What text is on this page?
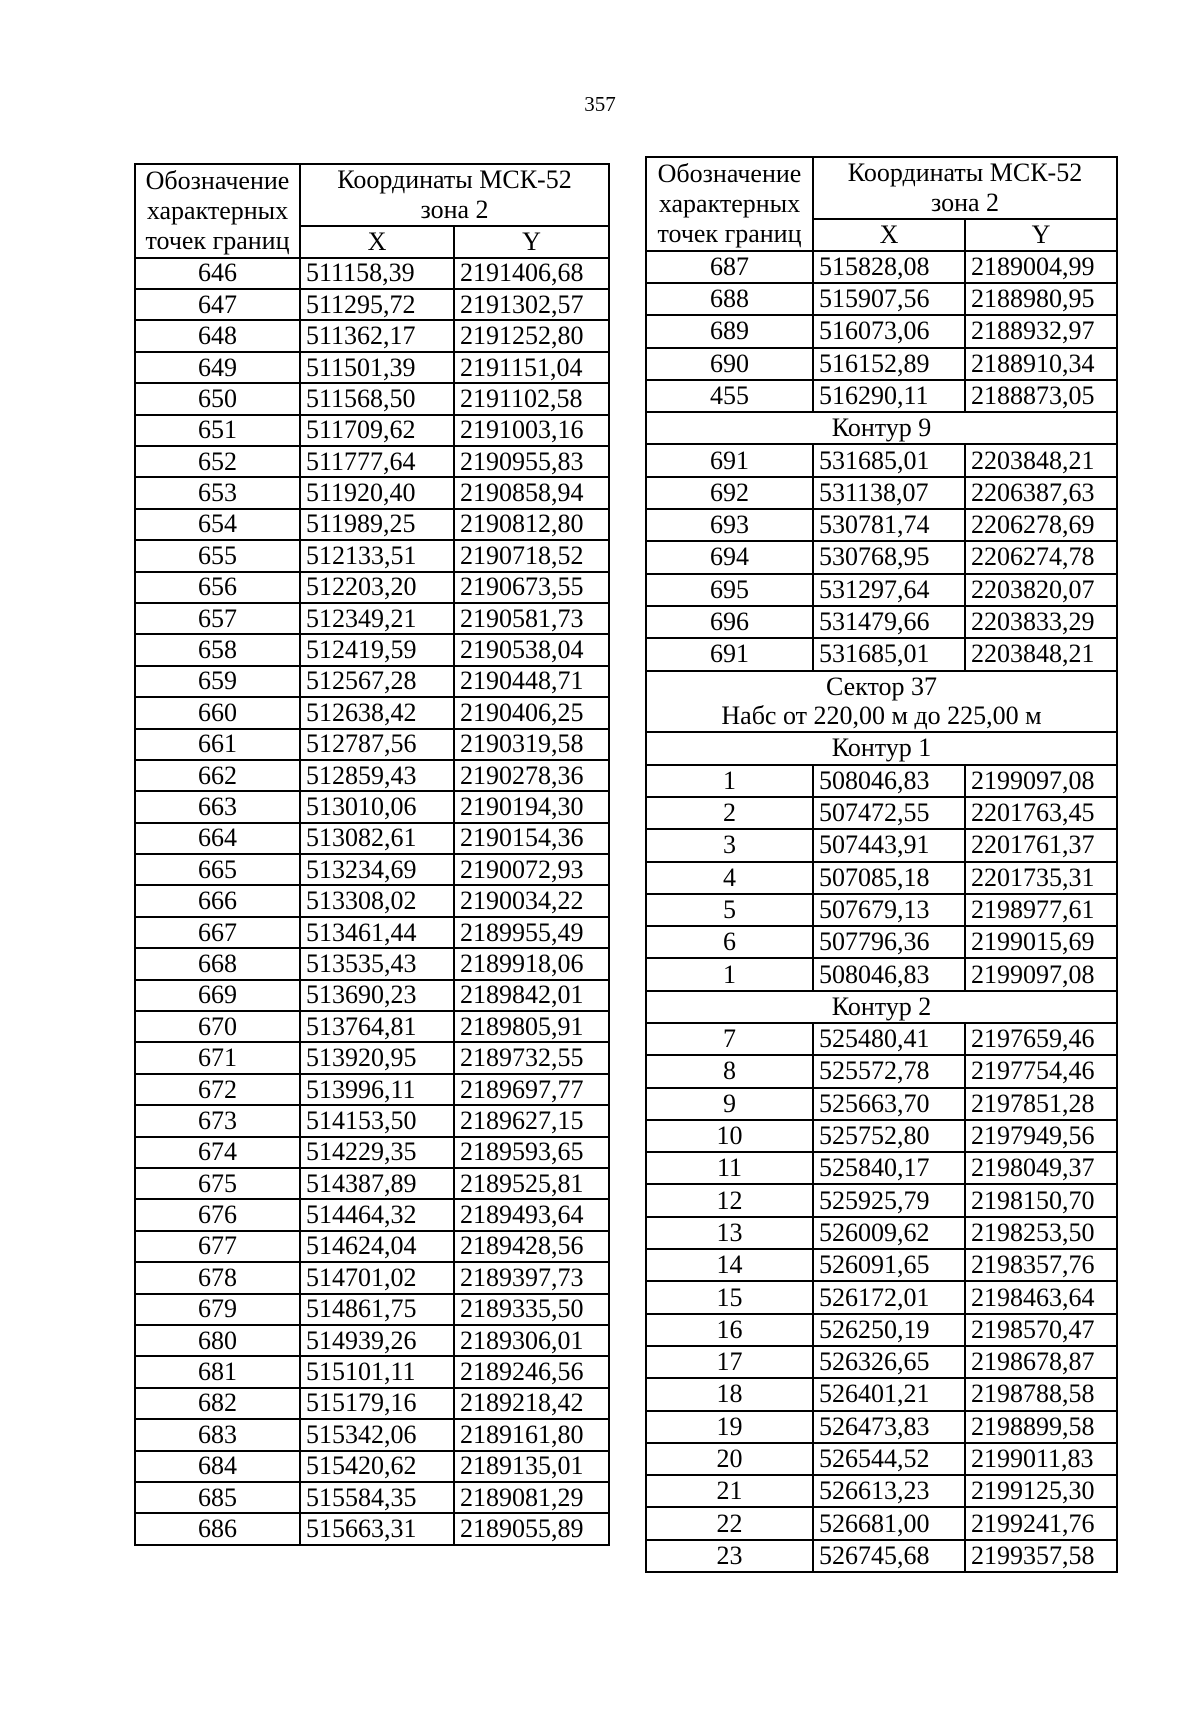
357
Обозначение
характерных
точек границ	Координаты МСК-52
зона 2	
	X	Y
646	511158,39	2191406,68
647	511295,72	2191302,57
648	511362,17	2191252,80
649	511501,39	2191151,04
650	511568,50	2191102,58
651	511709,62	2191003,16
652	511777,64	2190955,83
653	511920,40	2190858,94
654	511989,25	2190812,80
655	512133,51	2190718,52
656	512203,20	2190673,55
657	512349,21	2190581,73
658	512419,59	2190538,04
659	512567,28	2190448,71
660	512638,42	2190406,25
661	512787,56	2190319,58
662	512859,43	2190278,36
663	513010,06	2190194,30
664	513082,61	2190154,36
665	513234,69	2190072,93
666	513308,02	2190034,22
667	513461,44	2189955,49
668	513535,43	2189918,06
669	513690,23	2189842,01
670	513764,81	2189805,91
671	513920,95	2189732,55
672	513996,11	2189697,77
673	514153,50	2189627,15
674	514229,35	2189593,65
675	514387,89	2189525,81
676	514464,32	2189493,64
677	514624,04	2189428,56
678	514701,02	2189397,73
679	514861,75	2189335,50
680	514939,26	2189306,01
681	515101,11	2189246,56
682	515179,16	2189218,42
683	515342,06	2189161,80
684	515420,62	2189135,01
685	515584,35	2189081,29
686	515663,31	2189055,89
Обозначение
характерных
точек границ	Координаты МСК-52
зона 2	
	X	Y
687	515828,08	2189004,99
688	515907,56	2188980,95
689	516073,06	2188932,97
690	516152,89	2188910,34
455	516290,11	2188873,05
Контур 9		
691	531685,01	2203848,21
692	531138,07	2206387,63
693	530781,74	2206278,69
694	530768,95	2206274,78
695	531297,64	2203820,07
696	531479,66	2203833,29
691	531685,01	2203848,21
Сектор 37
Набс от 220,00 м до 225,00 м		
Контур 1		
1	508046,83	2199097,08
2	507472,55	2201763,45
3	507443,91	2201761,37
4	507085,18	2201735,31
5	507679,13	2198977,61
6	507796,36	2199015,69
1	508046,83	2199097,08
Контур 2		
7	525480,41	2197659,46
8	525572,78	2197754,46
9	525663,70	2197851,28
10	525752,80	2197949,56
11	525840,17	2198049,37
12	525925,79	2198150,70
13	526009,62	2198253,50
14	526091,65	2198357,76
15	526172,01	2198463,64
16	526250,19	2198570,47
17	526326,65	2198678,87
18	526401,21	2198788,58
19	526473,83	2198899,58
20	526544,52	2199011,83
21	526613,23	2199125,30
22	526681,00	2199241,76
23	526745,68	2199357,58
